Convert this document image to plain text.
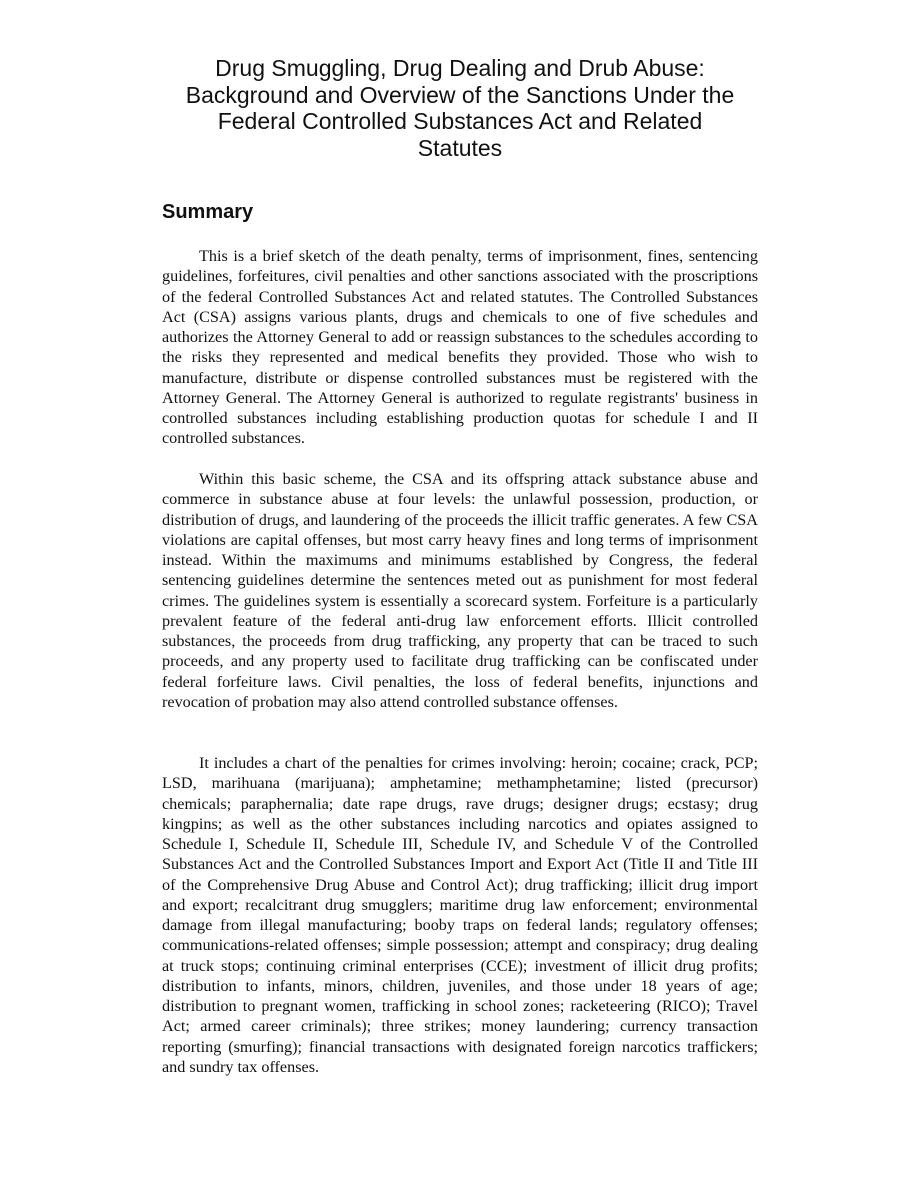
Drug Smuggling, Drug Dealing and Drub Abuse:
Background and Overview of the Sanctions Under the
Federal Controlled Substances Act and Related
Statutes
Summary

This is a brief sketch of the death penalty, terms of imprisonment, fines, sentencing guidelines, forfeitures, civil penalties and other sanctions associated with the proscriptions of the federal Controlled Substances Act and related statutes. The Controlled Substances Act (CSA) assigns various plants, drugs and chemicals to one of five schedules and authorizes the Attorney General to add or reassign substances to the schedules according to the risks they represented and medical benefits they provided. Those who wish to manufacture, distribute or dispense controlled substances must be registered with the Attorney General. The Attorney General is authorized to regulate registrants' business in controlled substances including establishing production quotas for schedule I and II controlled substances.

Within this basic scheme, the CSA and its offspring attack substance abuse and commerce in substance abuse at four levels: the unlawful possession, production, or distribution of drugs, and laundering of the proceeds the illicit traffic generates. A few CSA violations are capital offenses, but most carry heavy fines and long terms of imprisonment instead. Within the maximums and minimums established by Congress, the federal sentencing guidelines determine the sentences meted out as punishment for most federal crimes. The guidelines system is essentially a scorecard system. Forfeiture is a particularly prevalent feature of the federal anti-drug law enforcement efforts. Illicit controlled substances, the proceeds from drug trafficking, any property that can be traced to such proceeds, and any property used to facilitate drug trafficking can be confiscated under federal forfeiture laws. Civil penalties, the loss of federal benefits, injunctions and revocation of probation may also attend controlled substance offenses.

It includes a chart of the penalties for crimes involving: heroin; cocaine; crack, PCP; LSD, marihuana (marijuana); amphetamine; methamphetamine; listed (precursor) chemicals; paraphernalia; date rape drugs, rave drugs; designer drugs; ecstasy; drug kingpins; as well as the other substances including narcotics and opiates assigned to Schedule I, Schedule II, Schedule III, Schedule IV, and Schedule V of the Controlled Substances Act and the Controlled Substances Import and Export Act (Title II and Title III of the Comprehensive Drug Abuse and Control Act); drug trafficking; illicit drug import and export; recalcitrant drug smugglers; maritime drug law enforcement; environmental damage from illegal manufacturing; booby traps on federal lands; regulatory offenses; communications-related offenses; simple possession; attempt and conspiracy; drug dealing at truck stops; continuing criminal enterprises (CCE); investment of illicit drug profits; distribution to infants, minors, children, juveniles, and those under 18 years of age; distribution to pregnant women, trafficking in school zones; racketeering (RICO); Travel Act; armed career criminals); three strikes; money laundering; currency transaction reporting (smurfing); financial transactions with designated foreign narcotics traffickers; and sundry tax offenses.
